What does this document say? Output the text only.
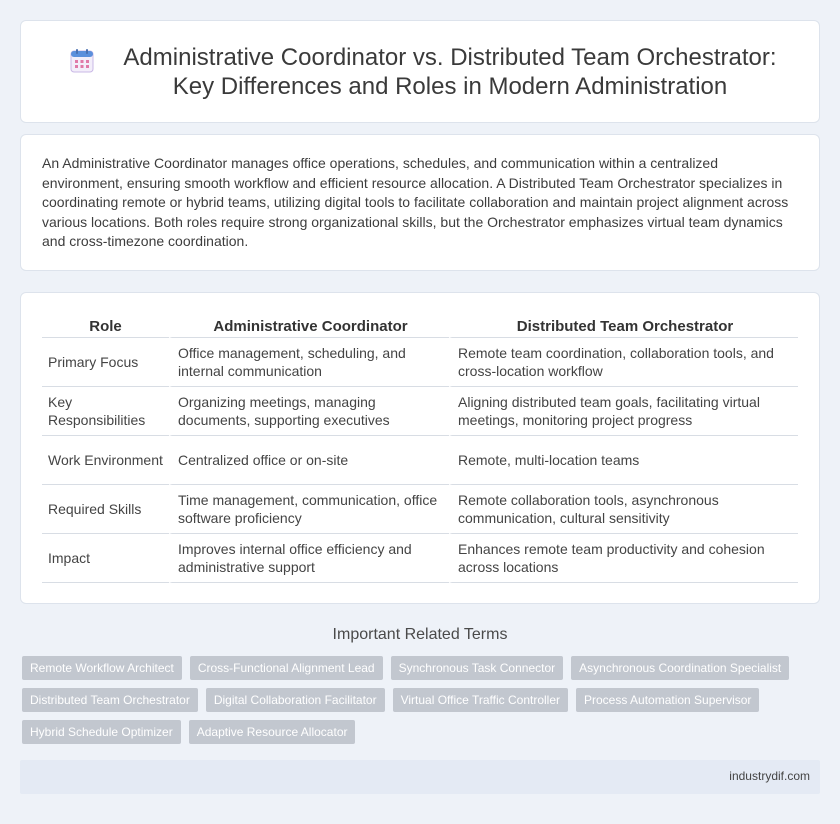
Administrative Coordinator vs. Distributed Team Orchestrator: Key Differences and Roles in Modern Administration

An Administrative Coordinator manages office operations, schedules, and communication within a centralized environment, ensuring smooth workflow and efficient resource allocation. A Distributed Team Orchestrator specializes in coordinating remote or hybrid teams, utilizing digital tools to facilitate collaboration and maintain project alignment across various locations. Both roles require strong organizational skills, but the Orchestrator emphasizes virtual team dynamics and cross-timezone coordination.

Role	Administrative Coordinator	Distributed Team Orchestrator
Primary Focus	Office management, scheduling, and internal communication	Remote team coordination, collaboration tools, and cross-location workflow
Key Responsibilities	Organizing meetings, managing documents, supporting executives	Aligning distributed team goals, facilitating virtual meetings, monitoring project progress
Work Environment	Centralized office or on-site	Remote, multi-location teams
Required Skills	Time management, communication, office software proficiency	Remote collaboration tools, asynchronous communication, cultural sensitivity
Impact	Improves internal office efficiency and administrative support	Enhances remote team productivity and cohesion across locations
Important Related Terms
Remote Workflow Architect	Cross-Functional Alignment Lead	Synchronous Task Connector	Asynchronous Coordination Specialist
Distributed Team Orchestrator	Digital Collaboration Facilitator	Virtual Office Traffic Controller	Process Automation Supervisor
Hybrid Schedule Optimizer	Adaptive Resource Allocator
industrydif.com
